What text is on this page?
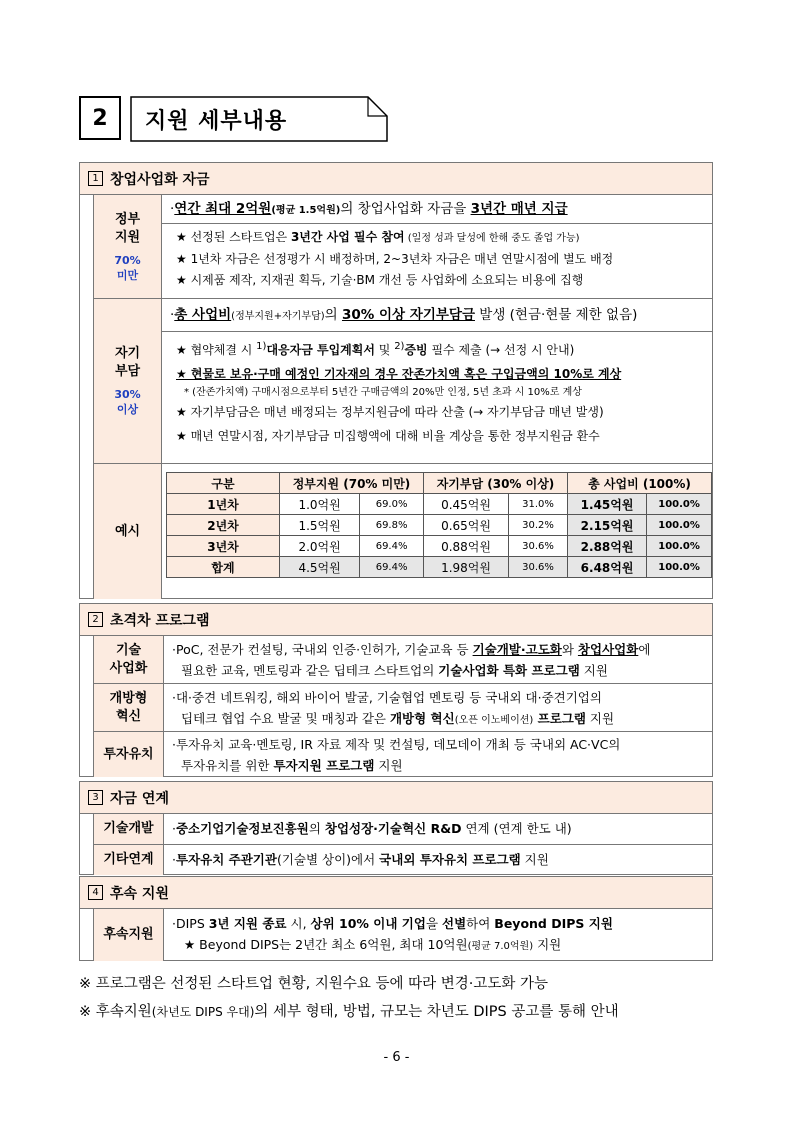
2	지원 세부내용
1 창업사업화 자금
정부
지원
70%
미만
·연간 최대 2억원(평균 1.5억원)의 창업사업화 자금을 3년간 매년 지급
★ 선정된 스타트업은 3년간 사업 필수 참여 (일정 성과 달성에 한해 중도 졸업 가능)
★ 1년차 자금은 선정평가 시 배정하며, 2~3년차 자금은 매년 연말시점에 별도 배정
★ 시제품 제작, 지재권 획득, 기술·BM 개선 등 사업화에 소요되는 비용에 집행
자기
부담
30%
이상
·총 사업비(정부지원+자기부담)의 30% 이상 자기부담금 발생 (현금·현물 제한 없음)
★ 협약체결 시 $^{1)}$대응자금 투입계획서 및 $^{2)}$증빙 필수 제출 (→ 선정 시 안내)
★ 현물로 보유·구매 예정인 기자재의 경우 잔존가치액 혹은 구입금액의 10%로 계상
* (잔존가치액) 구매시점으로부터 5년간 구매금액의 20%만 인정, 5년 초과 시 10%로 계상
★ 자기부담금은 매년 배정되는 정부지원금에 따라 산출 (→ 자기부담금 매년 발생)
★ 매년 연말시점, 자기부담금 미집행액에 대해 비율 계상을 통한 정부지원금 환수
예시
구분	정부지원 (70% 미만)		자기부담 (30% 이상)		총 사업비 (100%)	
1년차	1.0억원	69.0%	0.45억원	31.0%	1.45억원	100.0%
2년차	1.5억원	69.8%	0.65억원	30.2%	2.15억원	100.0%
3년차	2.0억원	69.4%	0.88억원	30.6%	2.88억원	100.0%
합계	4.5억원	69.4%	1.98억원	30.6%	6.48억원	100.0%
2 초격차 프로그램
기술
사업화
·PoC, 전문가 컨설팅, 국내외 인증·인허가, 기술교육 등 기술개발·고도화와 창업사업화에
필요한 교육, 멘토링과 같은 딥테크 스타트업의 기술사업화 특화 프로그램 지원
개방형
혁신
·대·중견 네트워킹, 해외 바이어 발굴, 기술협업 멘토링 등 국내외 대·중견기업의
딥테크 협업 수요 발굴 및 매칭과 같은 개방형 혁신(오픈 이노베이션) 프로그램 지원
투자유치
·투자유치 교육·멘토링, IR 자료 제작 및 컨설팅, 데모데이 개최 등 국내외 AC·VC의
투자유치를 위한 투자지원 프로그램 지원
3 자금 연계
기술개발	·중소기업기술정보진흥원의 창업성장·기술혁신 R&D 연계 (연계 한도 내)
기타연계	·투자유치 주관기관(기술별 상이)에서 국내외 투자유치 프로그램 지원
4 후속 지원
후속지원
·DIPS 3년 지원 종료 시, 상위 10% 이내 기업을 선별하여 Beyond DIPS 지원
★ Beyond DIPS는 2년간 최소 6억원, 최대 10억원(평균 7.0억원) 지원
※ 프로그램은 선정된 스타트업 현황, 지원수요 등에 따라 변경·고도화 가능
※ 후속지원(차년도 DIPS 우대)의 세부 형태, 방법, 규모는 차년도 DIPS 공고를 통해 안내
- 6 -
